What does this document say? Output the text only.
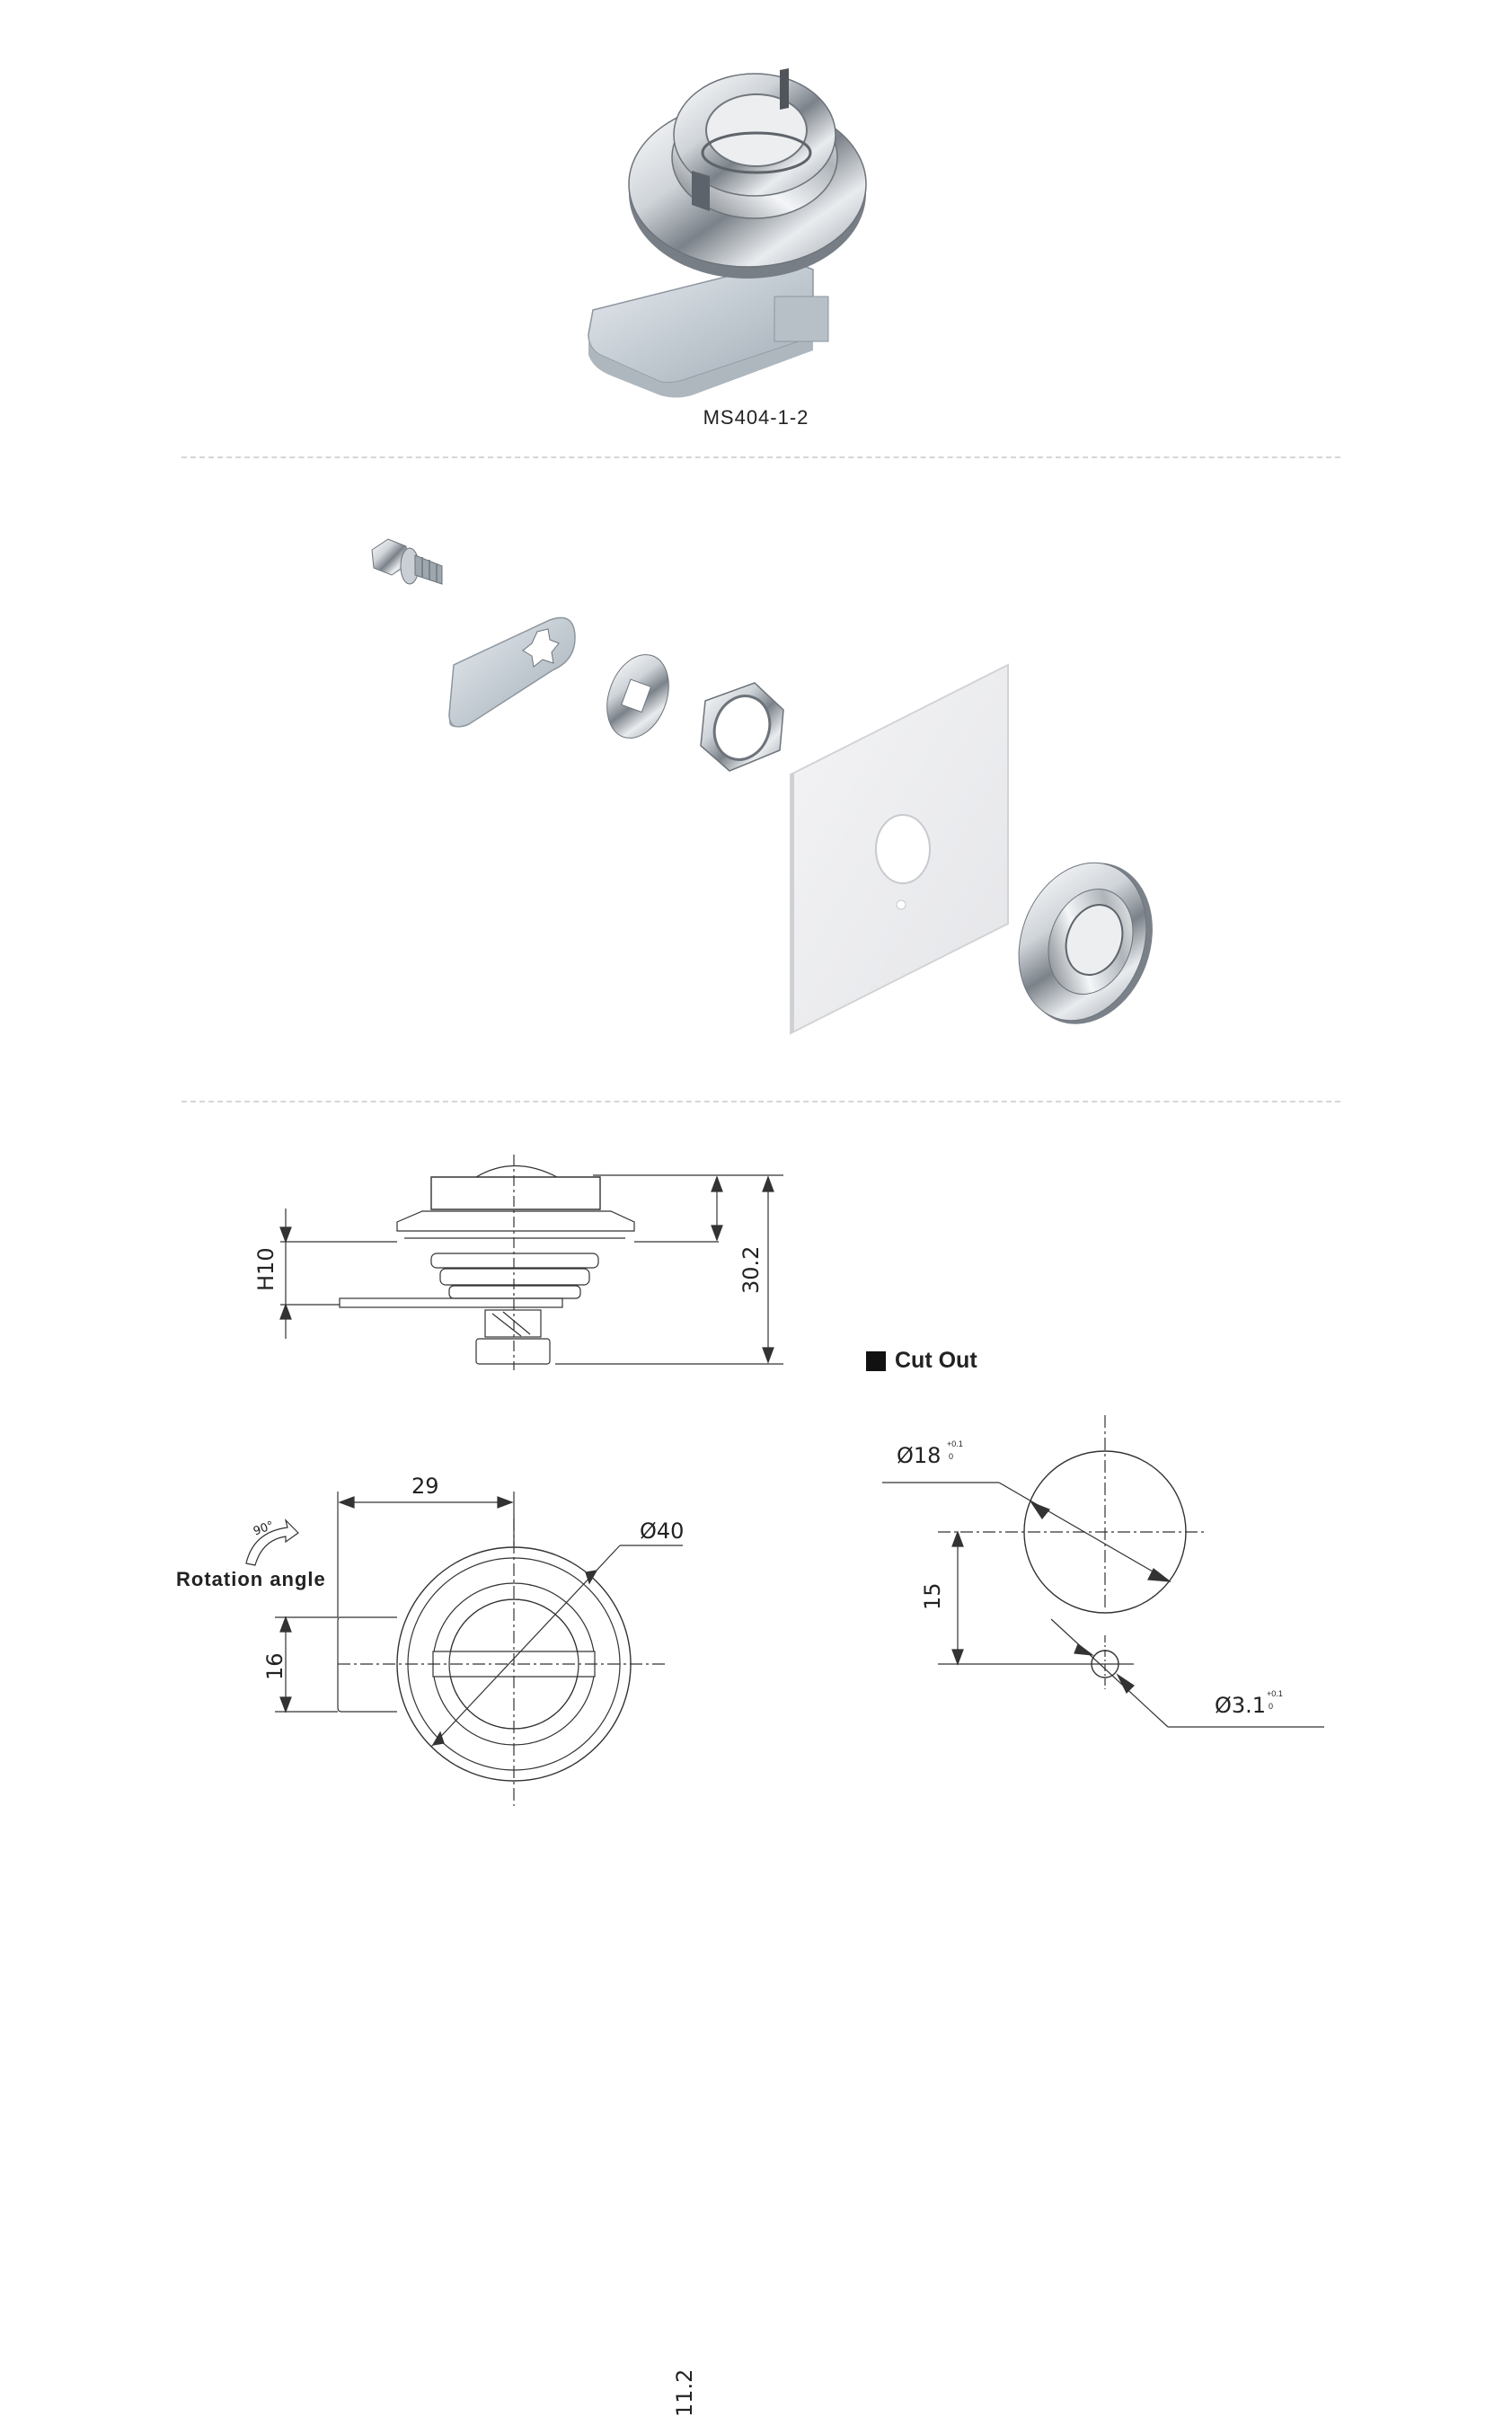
MS404-1-2
11.2
30.2
H10
29
Ø40
16
90°
Rotation angle
Cut Out
Ø18 +0.1
0
15
Ø3.1 +0.1
0
